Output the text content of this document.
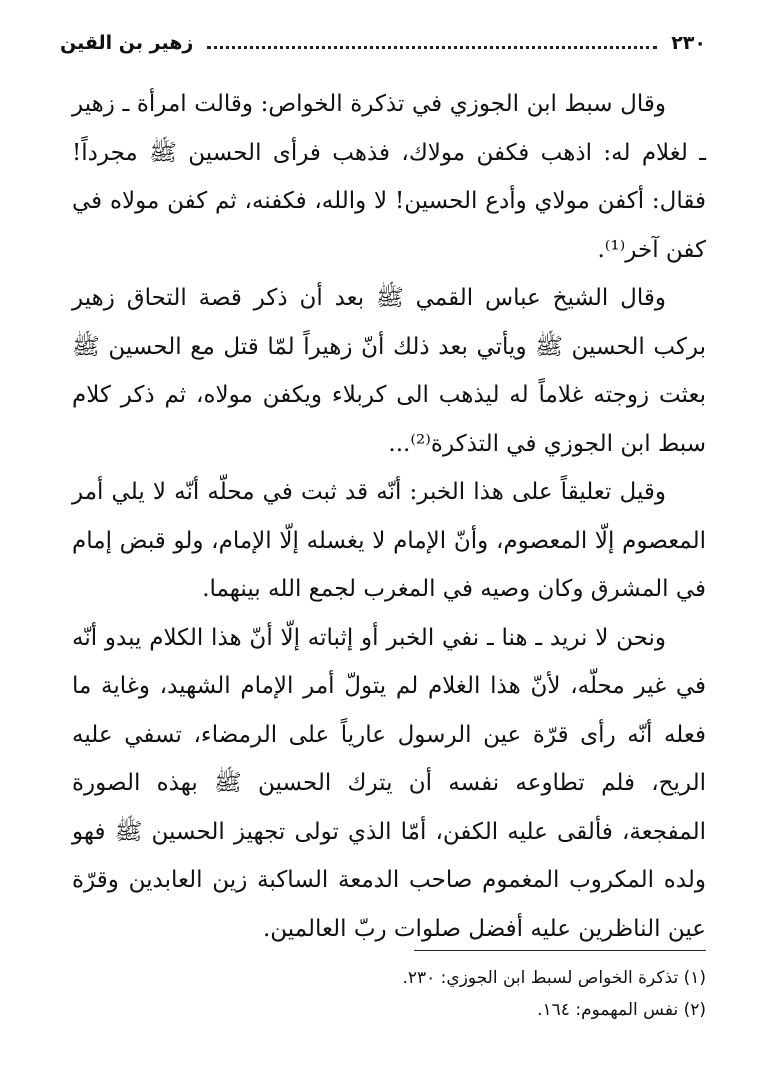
٢٣٠
زهير بن القين

وقال سبط ابن الجوزي في تذكرة الخواص: وقالت امرأة ـ زهير ـ لغلام له: اذهب فكفن مولاك، فذهب فرأى الحسين ﷺ مجرداً! فقال: أكفن مولاي وأدع الحسين! لا والله، فكفنه، ثم كفن مولاه في كفن آخر⁽¹⁾.

وقال الشيخ عباس القمي ﷺ بعد أن ذكر قصة التحاق زهير بركب الحسين ﷺ ويأتي بعد ذلك أنّ زهيراً لمّا قتل مع الحسين ﷺ بعثت زوجته غلاماً له ليذهب الى كربلاء ويكفن مولاه، ثم ذكر كلام سبط ابن الجوزي في التذكرة⁽²⁾...

وقيل تعليقاً على هذا الخبر: أنّه قد ثبت في محلّه أنّه لا يلي أمر المعصوم إلّا المعصوم، وأنّ الإمام لا يغسله إلّا الإمام، ولو قبض إمام في المشرق وكان وصيه في المغرب لجمع الله بينهما.

ونحن لا نريد ـ هنا ـ نفي الخبر أو إثباته إلّا أنّ هذا الكلام يبدو أنّه في غير محلّه، لأنّ هذا الغلام لم يتولّ أمر الإمام الشهيد، وغاية ما فعله أنّه رأى قرّة عين الرسول عارياً على الرمضاء، تسفي عليه الريح، فلم تطاوعه نفسه أن يترك الحسين ﷺ بهذه الصورة المفجعة، فألقى عليه الكفن، أمّا الذي تولى تجهيز الحسين ﷺ فهو ولده المكروب المغموم صاحب الدمعة الساكبة زين العابدين وقرّة عين الناظرين عليه أفضل صلوات ربّ العالمين.

(١) تذكرة الخواص لسبط ابن الجوزي: ٢٣٠.
(٢) نفس المهموم: ١٦٤.
